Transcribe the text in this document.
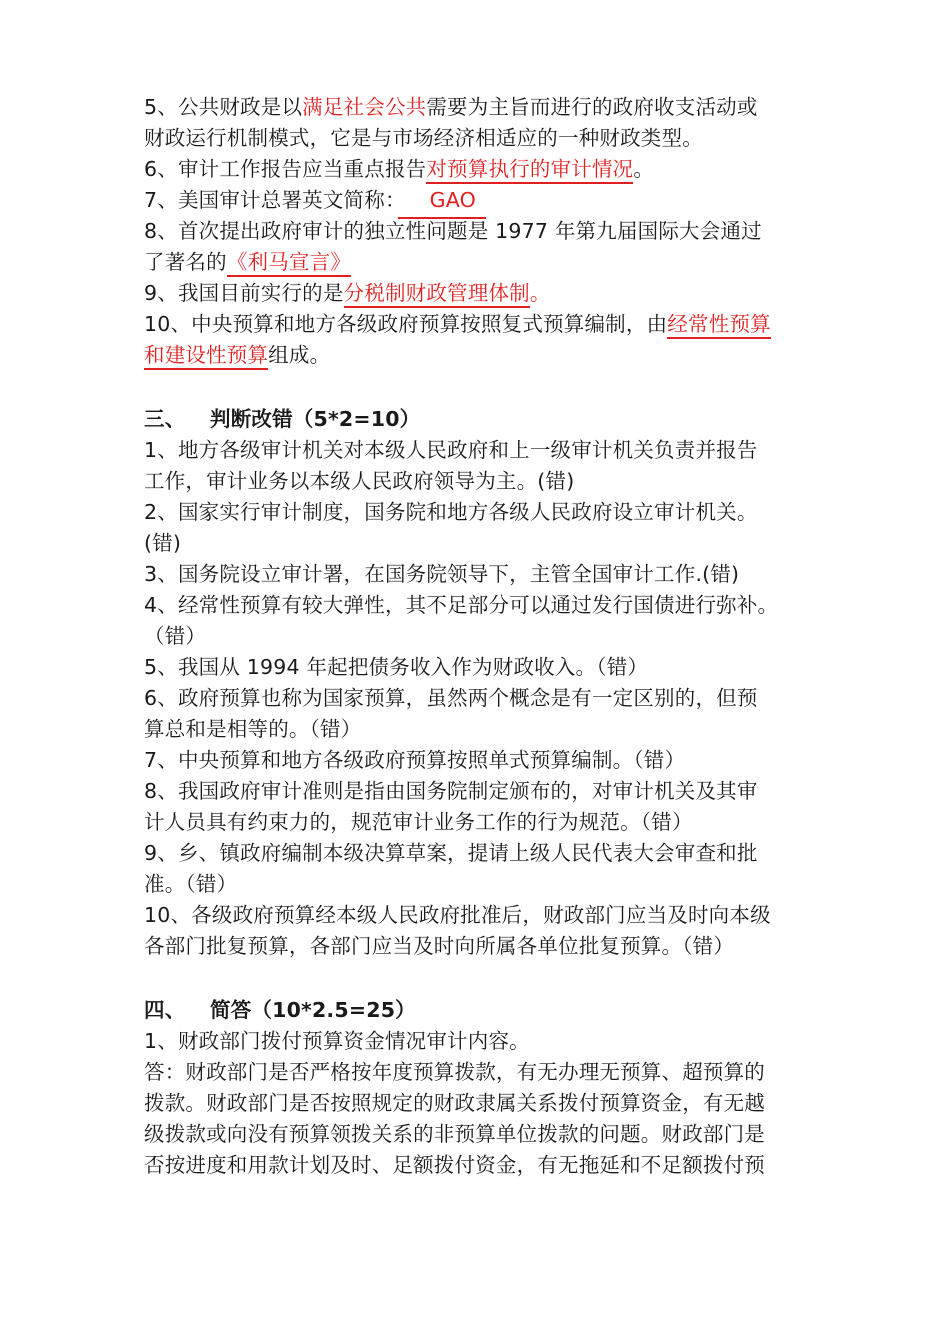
5、公共财政是以满足社会公共需要为主旨而进行的政府收支活动或
财政运行机制模式，它是与市场经济相适应的一种财政类型。
6、审计工作报告应当重点报告对预算执行的审计情况。
7、美国审计总署英文简称： GAO
8、首次提出政府审计的独立性问题是 1977 年第九届国际大会通过
了著名的《利马宣言》
9、我国目前实行的是分税制财政管理体制。
10、中央预算和地方各级政府预算按照复式预算编制，由经常性预算
和建设性预算组成。
三、 判断改错（5*2=10）
1、地方各级审计机关对本级人民政府和上一级审计机关负责并报告
工作，审计业务以本级人民政府领导为主。(错)
2、国家实行审计制度，国务院和地方各级人民政府设立审计机关。
(错)
3、国务院设立审计署，在国务院领导下，主管全国审计工作.(错)
4、经常性预算有较大弹性，其不足部分可以通过发行国债进行弥补。
（错）
5、我国从 1994 年起把债务收入作为财政收入。（错）
6、政府预算也称为国家预算，虽然两个概念是有一定区别的，但预
算总和是相等的。（错）
7、中央预算和地方各级政府预算按照单式预算编制。（错）
8、我国政府审计准则是指由国务院制定颁布的，对审计机关及其审
计人员具有约束力的，规范审计业务工作的行为规范。（错）
9、乡、镇政府编制本级决算草案，提请上级人民代表大会审查和批
准。（错）
10、各级政府预算经本级人民政府批准后，财政部门应当及时向本级
各部门批复预算，各部门应当及时向所属各单位批复预算。（错）
四、 简答（10*2.5=25）
1、财政部门拨付预算资金情况审计内容。
答：财政部门是否严格按年度预算拨款，有无办理无预算、超预算的
拨款。财政部门是否按照规定的财政隶属关系拨付预算资金，有无越
级拨款或向没有预算领拨关系的非预算单位拨款的问题。财政部门是
否按进度和用款计划及时、足额拨付资金，有无拖延和不足额拨付预
